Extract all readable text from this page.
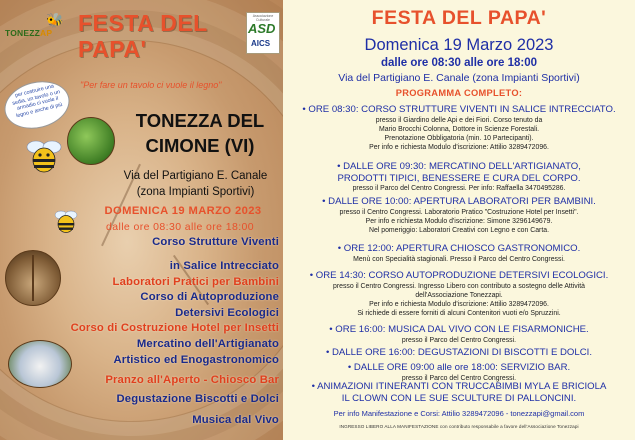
🐝
TONEZZAP FESTA DEL
PAPA'
Associazione Culturale
ASD
AICS
"Per fare un tavolo ci vuole il legno"
per costruire una sedia, un tavolo o un armadio ci vuole il legno e anche di più	TONEZZA DEL
CIMONE (VI)
Via del Partigiano E. Canale
(zona Impianti Sportivi)
DOMENICA 19 MARZO 2023
dalle ore 08:30 alle ore 18:00
Corso Strutture Viventi
in Salice Intrecciato
Laboratori Pratici per Bambini
Corso di Autoproduzione
Detersivi Ecologici
Corso di Costruzione Hotel per Insetti
Mercatino dell'Artigianato
Artistico ed Enogastronomico
Pranzo all'Aperto - Chiosco Bar
Degustazione Biscotti e Dolci
Musica dal Vivo
FESTA DEL PAPA'
Domenica 19 Marzo 2023
dalle ore 08:30 alle ore 18:00
Via del Partigiano E. Canale (zona Impianti Sportivi)
PROGRAMMA COMPLETO:
• ORE 08:30: CORSO STRUTTURE VIVENTI IN SALICE INTRECCIATO.
presso il Giardino delle Api e dei Fiori. Corso tenuto da
Mario Brocchi Colonna, Dottore in Scienze Forestali.
Prenotazione Obbligatoria (min. 10 Partecipanti).
Per info e richiesta Modulo d'iscrizione: Attilio 3289472096.
• DALLE ORE 09:30: MERCATINO DELL'ARTIGIANATO,
PRODOTTI TIPICI, BENESSERE E CURA DEL CORPO.
presso il Parco del Centro Congressi. Per info: Raffaella 3470495286.
• DALLE ORE 10:00: APERTURA LABORATORI PER BAMBINI.
presso il Centro Congressi. Laboratorio Pratico "Costruzione Hotel per Insetti".
Per info e richiesta Modulo d'iscrizione: Simone 3296149679.
Nel pomeriggio: Laboratori Creativi con Legno e con Carta.
• ORE 12:00: APERTURA CHIOSCO GASTRONOMICO.
Menù con Specialità stagionali. Presso il Parco del Centro Congressi.
• ORE 14:30: CORSO AUTOPRODUZIONE DETERSIVI ECOLOGICI.
presso il Centro Congressi. Ingresso Libero con contributo a sostegno delle Attività
dell'Associazione Tonezzapi.
Per info e richiesta Modulo d'iscrizione: Attilio 3289472096.
Si richiede di essere forniti di alcuni Contenitori vuoti e/o Spruzzini.
• ORE 16:00: MUSICA DAL VIVO CON LE FISARMONICHE.
presso il Parco del Centro Congressi.
• DALLE ORE 16:00: DEGUSTAZIONI DI BISCOTTI E DOLCI.
• DALLE ORE 09:00 alle ore 18:00: SERVIZIO BAR.
presso il Parco del Centro Congressi.
• ANIMAZIONI ITINERANTI CON TRUCCABIMBI MYLA E BRICIOLA
IL CLOWN CON LE SUE SCULTURE DI PALLONCINI.
Per info Manifestazione e Corsi: Attilio 3289472096 - tonezzapi@gmail.com
INGRESSO LIBERO ALLA MANIFESTAZIONE con contributo responsabile a favore dell'Associazione Tonezzapi
